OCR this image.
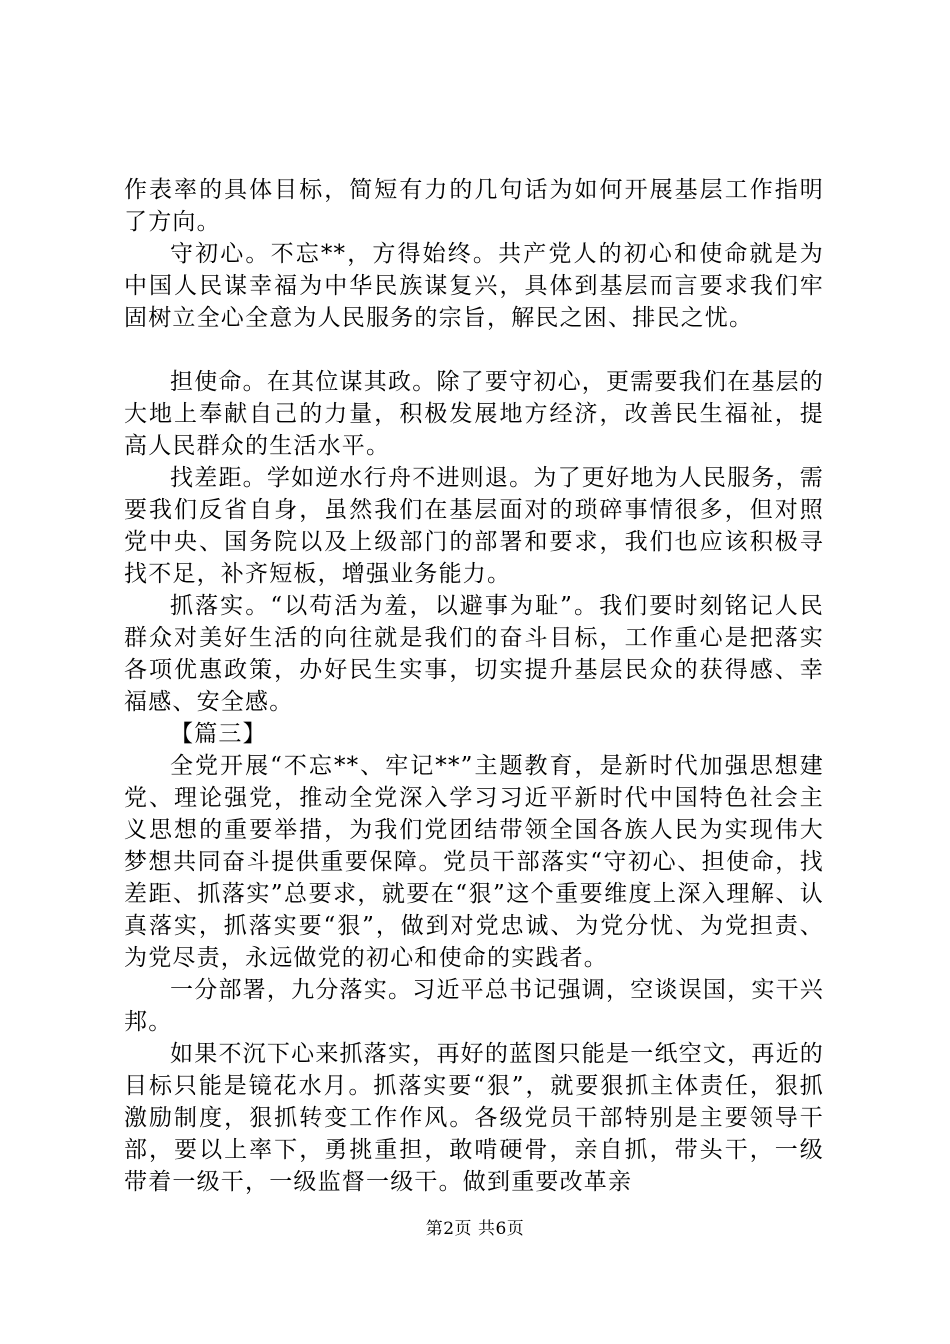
作表率的具体目标，简短有力的几句话为如何开展基层工作指明了方向。

守初心。不忘**，方得始终。共产党人的初心和使命就是为中国人民谋幸福为中华民族谋复兴，具体到基层而言要求我们牢固树立全心全意为人民服务的宗旨，解民之困、排民之忧。

担使命。在其位谋其政。除了要守初心，更需要我们在基层的大地上奉献自己的力量，积极发展地方经济，改善民生福祉，提高人民群众的生活水平。

找差距。学如逆水行舟不进则退。为了更好地为人民服务，需要我们反省自身，虽然我们在基层面对的琐碎事情很多，但对照党中央、国务院以及上级部门的部署和要求，我们也应该积极寻找不足，补齐短板，增强业务能力。

抓落实。“以苟活为羞，以避事为耻”。我们要时刻铭记人民群众对美好生活的向往就是我们的奋斗目标，工作重心是把落实各项优惠政策，办好民生实事，切实提升基层民众的获得感、幸福感、安全感。

【篇三】

全党开展“不忘**、牢记**”主题教育，是新时代加强思想建党、理论强党，推动全党深入学习习近平新时代中国特色社会主义思想的重要举措，为我们党团结带领全国各族人民为实现伟大梦想共同奋斗提供重要保障。党员干部落实“守初心、担使命，找差距、抓落实”总要求，就要在“狠”这个重要维度上深入理解、认真落实，抓落实要“狠”，做到对党忠诚、为党分忧、为党担责、为党尽责，永远做党的初心和使命的实践者。

一分部署，九分落实。习近平总书记强调，空谈误国，实干兴邦。

如果不沉下心来抓落实，再好的蓝图只能是一纸空文，再近的目标只能是镜花水月。抓落实要“狠”，就要狠抓主体责任，狠抓激励制度，狠抓转变工作作风。各级党员干部特别是主要领导干部，要以上率下，勇挑重担，敢啃硬骨，亲自抓，带头干，一级带着一级干，一级监督一级干。做到重要改革亲

第2页 共6页
